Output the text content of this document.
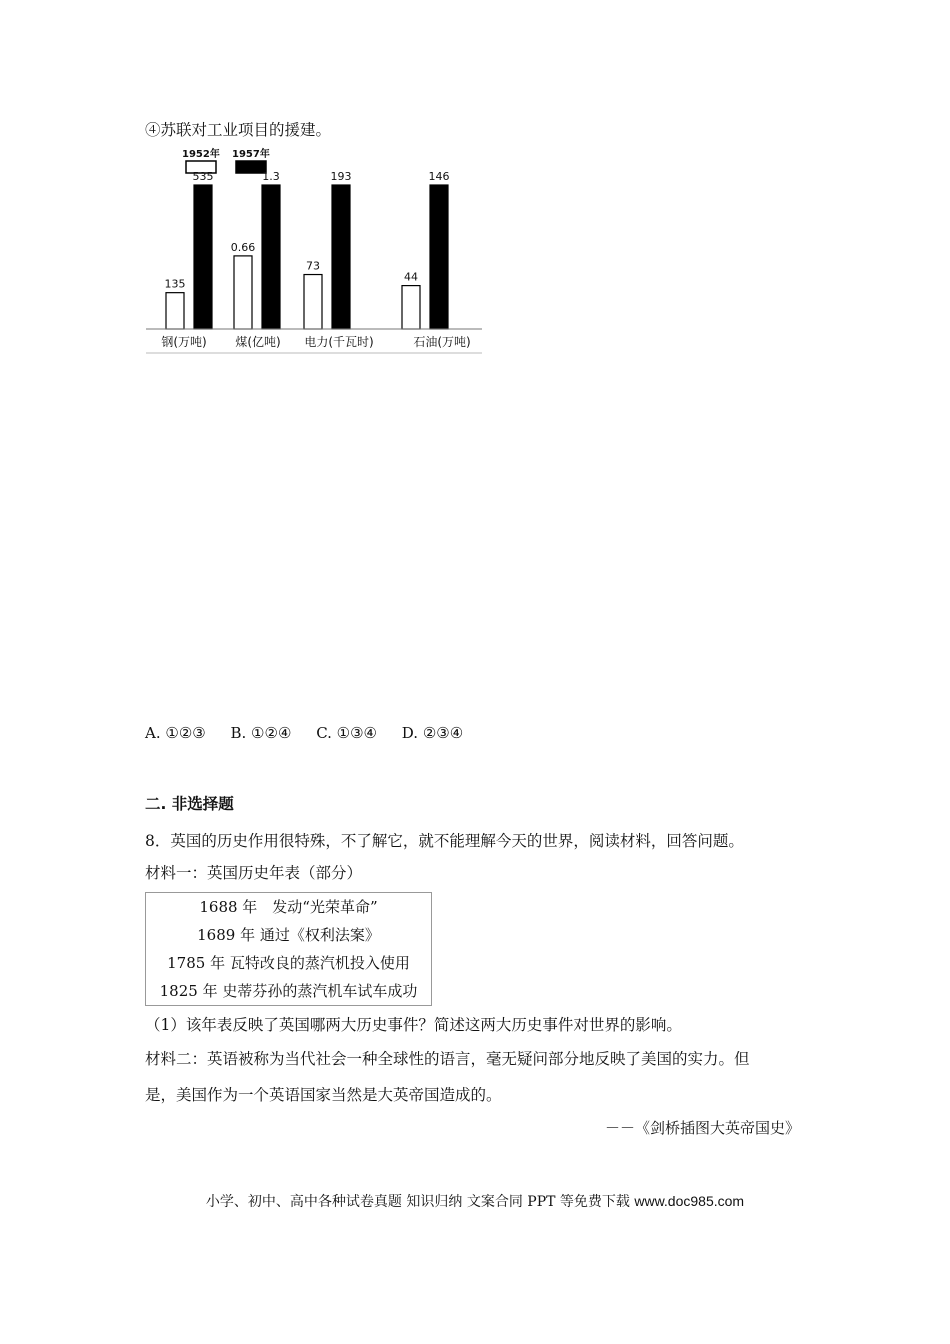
④苏联对工业项目的援建。
1952年 1957年
135
535
0.66
1.3
73
193
44
146
钢(万吨) 煤(亿吨) 电力(千瓦时)	石油(万吨)
A. ①②③ B. ①②④ C. ①③④ D. ②③④
二. 非选择题
8．英国的历史作用很特殊，不了解它，就不能理解今天的世界，阅读材料，回答问题。
材料一：英国历史年表（部分）
1688 年　发动“光荣革命”
1689 年 通过《权利法案》
1785 年 瓦特改良的蒸汽机投入使用
1825 年 史蒂芬孙的蒸汽机车试车成功
（1）该年表反映了英国哪两大历史事件？简述这两大历史事件对世界的影响。
材料二：英语被称为当代社会一种全球性的语言，毫无疑问部分地反映了美国的实力。但
是，美国作为一个英语国家当然是大英帝国造成的。
－－《剑桥插图大英帝国史》
小学、初中、高中各种试卷真题 知识归纳 文案合同 PPT 等免费下载 www.doc985.com
